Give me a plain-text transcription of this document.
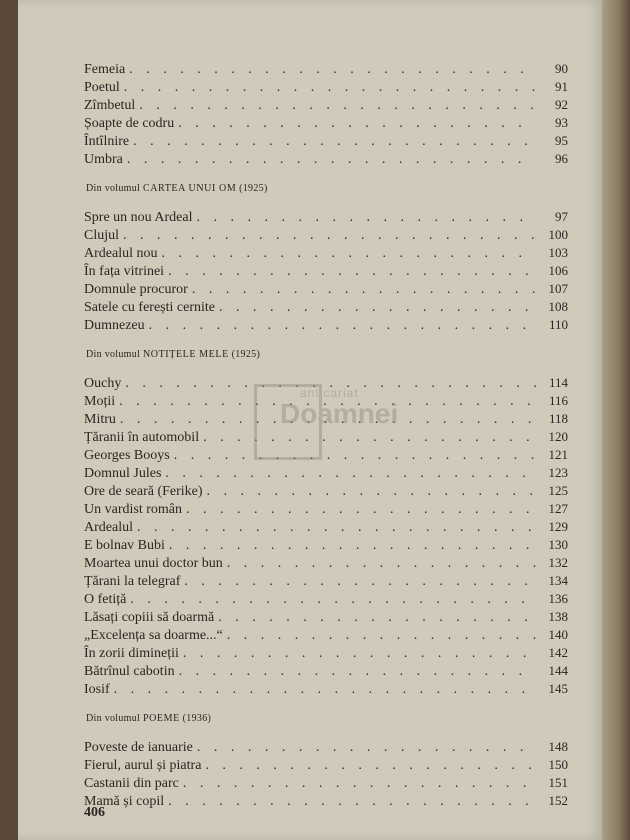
Femeia . . .	90
Poetul . . .	91
Zîmbetul . . .	92
Șoapte de codru . . .	93
Întîlnire . . .	95
Umbra . . .	96
Din volumul CARTEA UNUI OM (1925)
Spre un nou Ardeal . . .	97
Clujul . . .	100
Ardealul nou . . .	103
În fața vitrinei . . .	106
Domnule procuror . . .	107
Satele cu ferești cernite . . .	108
Dumnezeu . . .	110
Din volumul NOTIȚELE MELE (1925)
Ouchy . . .	114
Moții . . .	116
Mitru . . .	118
Țăranii în automobil . . .	120
Georges Booys . . .	121
Domnul Jules . . .	123
Ore de seară (Ferike) . . .	125
Un vardist român . . .	127
Ardealul . . .	129
E bolnav Bubi . . .	130
Moartea unui doctor bun . . .	132
Țărani la telegraf . . .	134
O fetiță . . .	136
Lăsați copiii să doarmă . . .	138
„Excelența sa doarme...“ . . .	140
În zorii dimineții . . .	142
Bătrînul cabotin . . .	144
Iosif . . .	145
Din volumul POEME (1936)
Poveste de ianuarie . . .	148
Fierul, aurul și piatra . . .	150
Castanii din parc . . .	151
Mamă și copil . . .	152
406
anticariat
Doamnei
